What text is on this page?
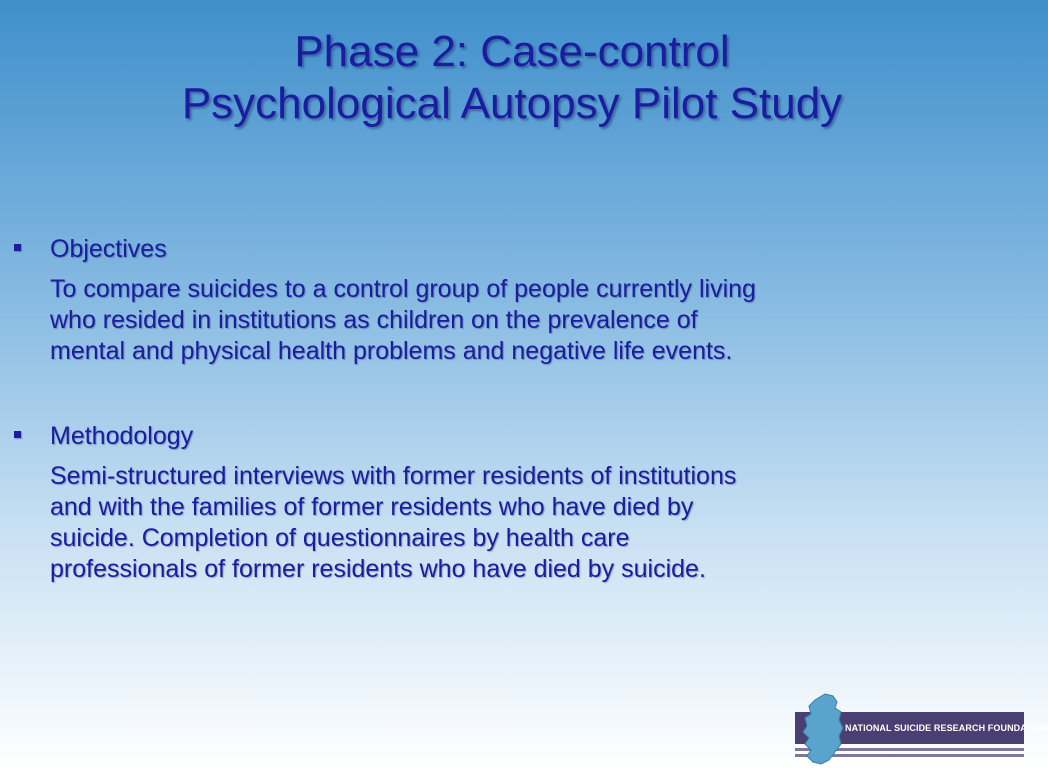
Phase 2: Case-control
Psychological Autopsy Pilot Study
Objectives
To compare suicides to a control group of people currently living
who resided in institutions as children on the prevalence of
mental and physical health problems and negative life events.
Methodology
Semi-structured interviews with former residents of institutions
and with the families of former residents who have died by
suicide. Completion of questionnaires by health care
professionals of former residents who have died by suicide.
NATIONAL SUICIDE RESEARCH FOUNDATION
